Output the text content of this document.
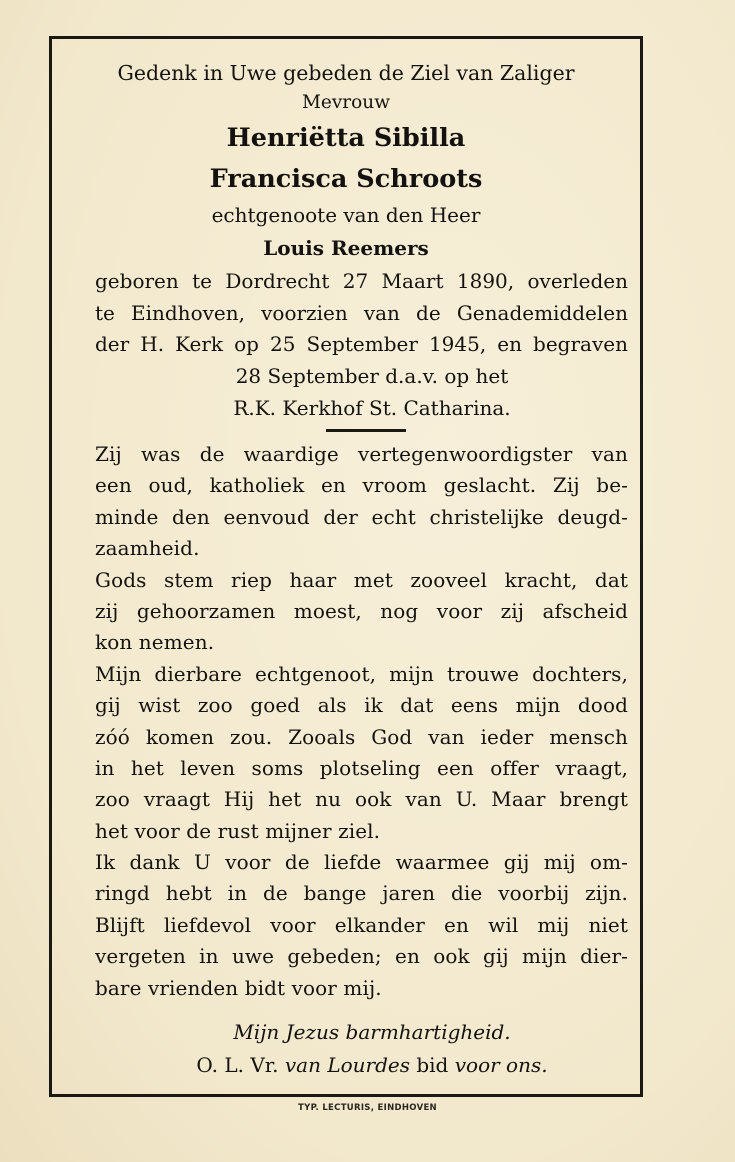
Gedenk in Uwe gebeden de Ziel van Zaliger
Mevrouw
Henriëtta Sibilla
Francisca Schroots
echtgenoote van den Heer
Louis Reemers
geboren te Dordrecht 27 Maart 1890, overleden
te Eindhoven, voorzien van de Genademiddelen
der H. Kerk op 25 September 1945, en begraven
28 September d.a.v. op het
R.K. Kerkhof St. Catharina.
Zij was de waardige vertegenwoordigster van
een oud, katholiek en vroom geslacht. Zij be-
minde den eenvoud der echt christelijke deugd-
zaamheid.
Gods stem riep haar met zooveel kracht, dat
zij gehoorzamen moest, nog voor zij afscheid
kon nemen.
Mijn dierbare echtgenoot, mijn trouwe dochters,
gij wist zoo goed als ik dat eens mijn dood
zóó komen zou. Zooals God van ieder mensch
in het leven soms plotseling een offer vraagt,
zoo vraagt Hij het nu ook van U. Maar brengt
het voor de rust mijner ziel.
Ik dank U voor de liefde waarmee gij mij om-
ringd hebt in de bange jaren die voorbij zijn.
Blijft liefdevol voor elkander en wil mij niet
vergeten in uwe gebeden; en ook gij mijn dier-
bare vrienden bidt voor mij.
Mijn Jezus barmhartigheid.
O. L. Vr. van Lourdes bid voor ons.
TYP. LECTURIS, EINDHOVEN
